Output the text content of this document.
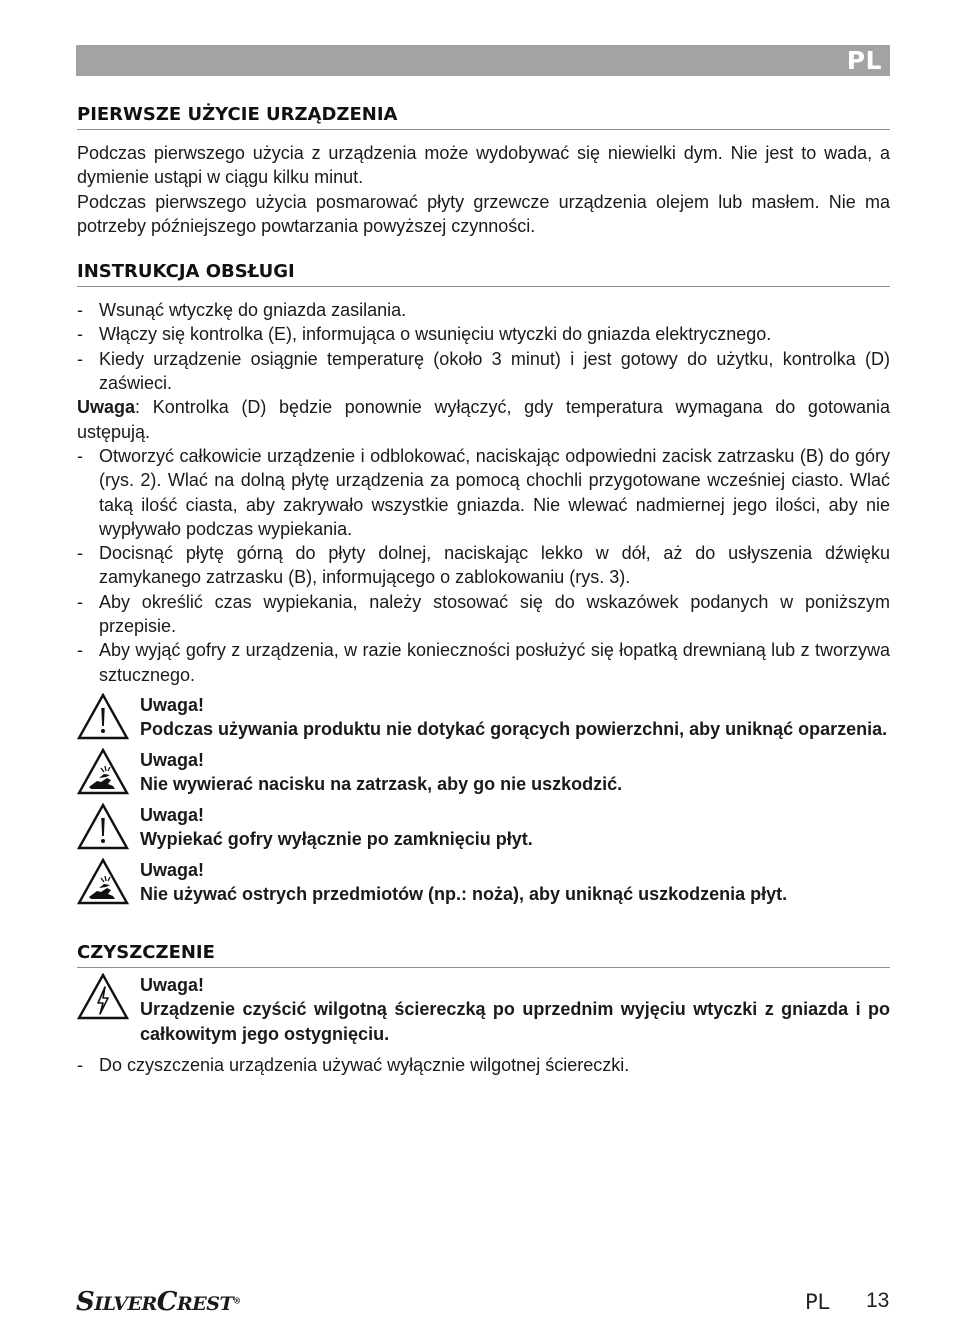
PL
PIERWSZE UŻYCIE URZĄDZENIA

Podczas pierwszego użycia z urządzenia może wydobywać się niewielki dym. Nie jest to wada, a dymienie ustąpi w ciągu kilku minut.

Podczas pierwszego użycia posmarować płyty grzewcze urządzenia olejem lub masłem. Nie ma potrzeby późniejszego powtarzania powyższej czynności.

INSTRUKCJA OBSŁUGI
- Wsunąć wtyczkę do gniazda zasilania.
- Włączy się kontrolka (E), informująca o wsunięciu wtyczki do gniazda elektrycznego.
- Kiedy urządzenie osiągnie temperaturę (około 3 minut) i jest gotowy do użytku, kontrolka (D) zaświeci.
Uwaga: Kontrolka (D) będzie ponownie wyłączyć, gdy temperatura wymagana do gotowania ustępują.
- Otworzyć całkowicie urządzenie i odblokować, naciskając odpowiedni zacisk zatrzasku (B) do góry (rys. 2). Wlać na dolną płytę urządzenia za pomocą chochli przygotowane wcześniej ciasto. Wlać taką ilość ciasta, aby zakrywało wszystkie gniazda. Nie wlewać nadmiernej jego ilości, aby nie wypływało podczas wypiekania.
- Docisnąć płytę górną do płyty dolnej, naciskając lekko w dół, aż do usłyszenia dźwięku zamykanego zatrzasku (B), informującego o zablokowaniu (rys. 3).
- Aby określić czas wypiekania, należy stosować się do wskazówek podanych w poniższym przepisie.
- Aby wyjąć gofry z urządzenia, w razie konieczności posłużyć się łopatką drewnianą lub z tworzywa sztucznego.
Uwaga!
Podczas używania produktu nie dotykać gorących powierzchni, aby uniknąć oparzenia.
Uwaga!
Nie wywierać nacisku na zatrzask, aby go nie uszkodzić.
Uwaga!
Wypiekać gofry wyłącznie po zamknięciu płyt.
Uwaga!
Nie używać ostrych przedmiotów (np.: noża), aby uniknąć uszkodzenia płyt.
CZYSZCZENIE
Uwaga!
Urządzenie czyścić wilgotną ściereczką po uprzednim wyjęciu wtyczki z gniazda i po całkowitym jego ostygnięciu.
- Do czyszczenia urządzenia używać wyłącznie wilgotnej ściereczki.
SILVERCREST®	PL 13
